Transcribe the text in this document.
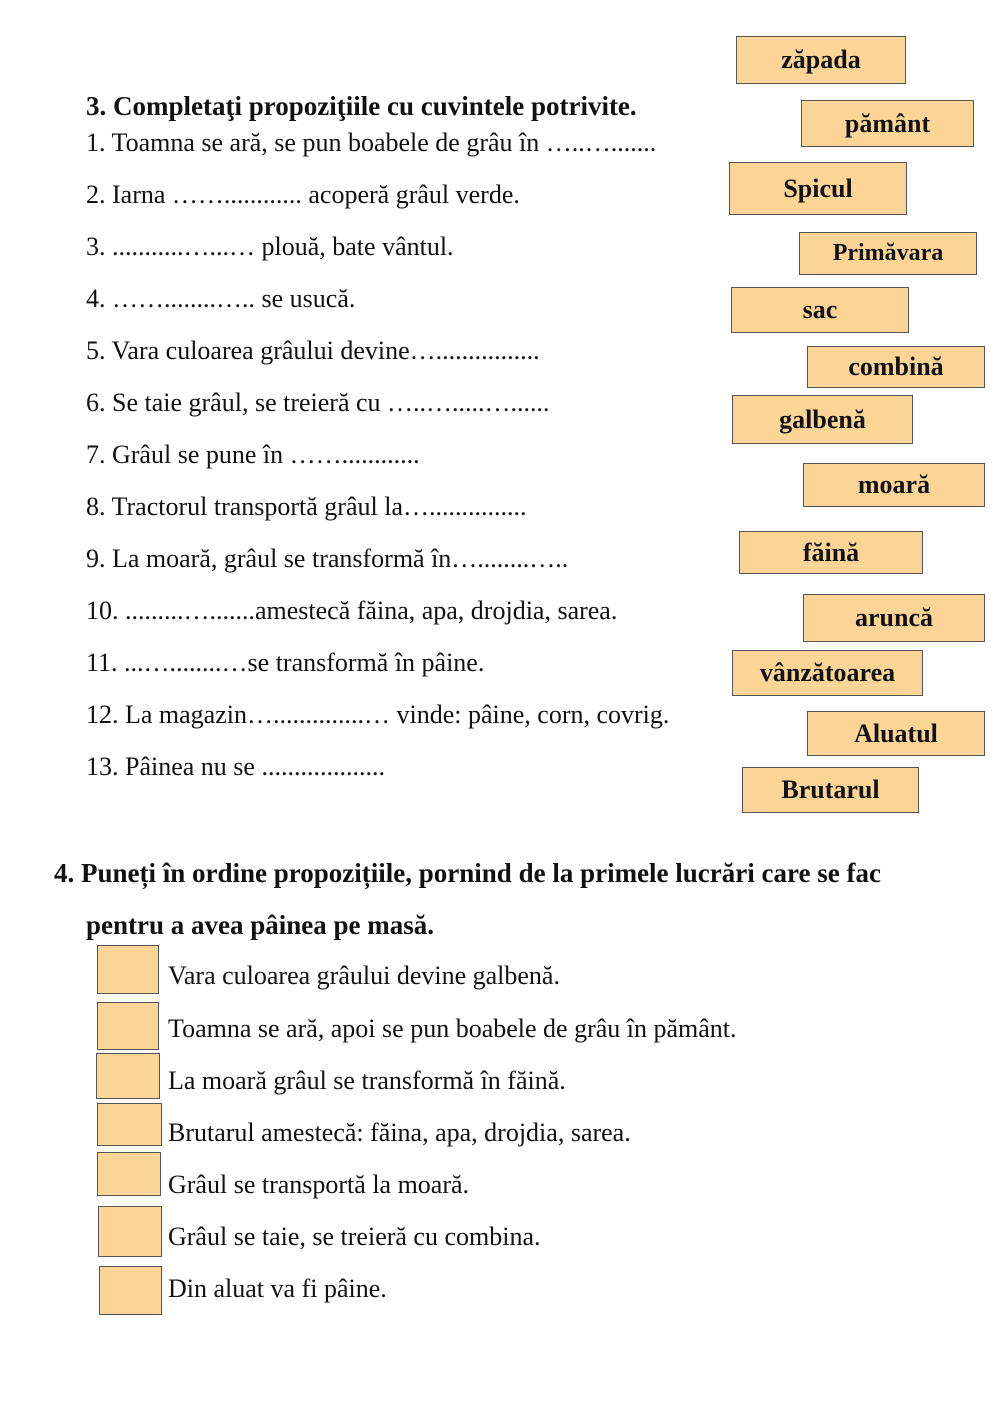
3. Completaţi propoziţiile cu cuvintele potrivite.
1. Toamna se ară, se pun boabele de grâu în …..….......
2. Iarna ……............ acoperă grâul verde.
3. ...........…...… plouă, bate vântul.
4. ……........….. se usucă.
5. Vara culoarea grâului devine…................
6. Se taie grâul, se treieră cu …..….....…......
7. Grâul se pune în ……............
8. Tractorul transportă grâul la…...............
9. La moară, grâul se transformă în…........…..
10. .........….......amestecă făina, apa, drojdia, sarea.
11. ...…........…se transformă în pâine.
12. La magazin…..............… vinde: pâine, corn, covrig.
13. Pâinea nu se ...................
zăpada
pământ
Spicul
Primăvara
sac
combină
galbenă
moară
făină
aruncă
vânzătoarea
Aluatul
Brutarul
4. Puneți în ordine propozițiile, pornind de la primele lucrări care se fac
pentru a avea pâinea pe masă.
Vara culoarea grâului devine galbenă.
Toamna se ară, apoi se pun boabele de grâu în pământ.
La moară grâul se transformă în făină.
Brutarul amestecă: făina, apa, drojdia, sarea.
Grâul se transportă la moară.
Grâul se taie, se treieră cu combina.
Din aluat va fi pâine.
